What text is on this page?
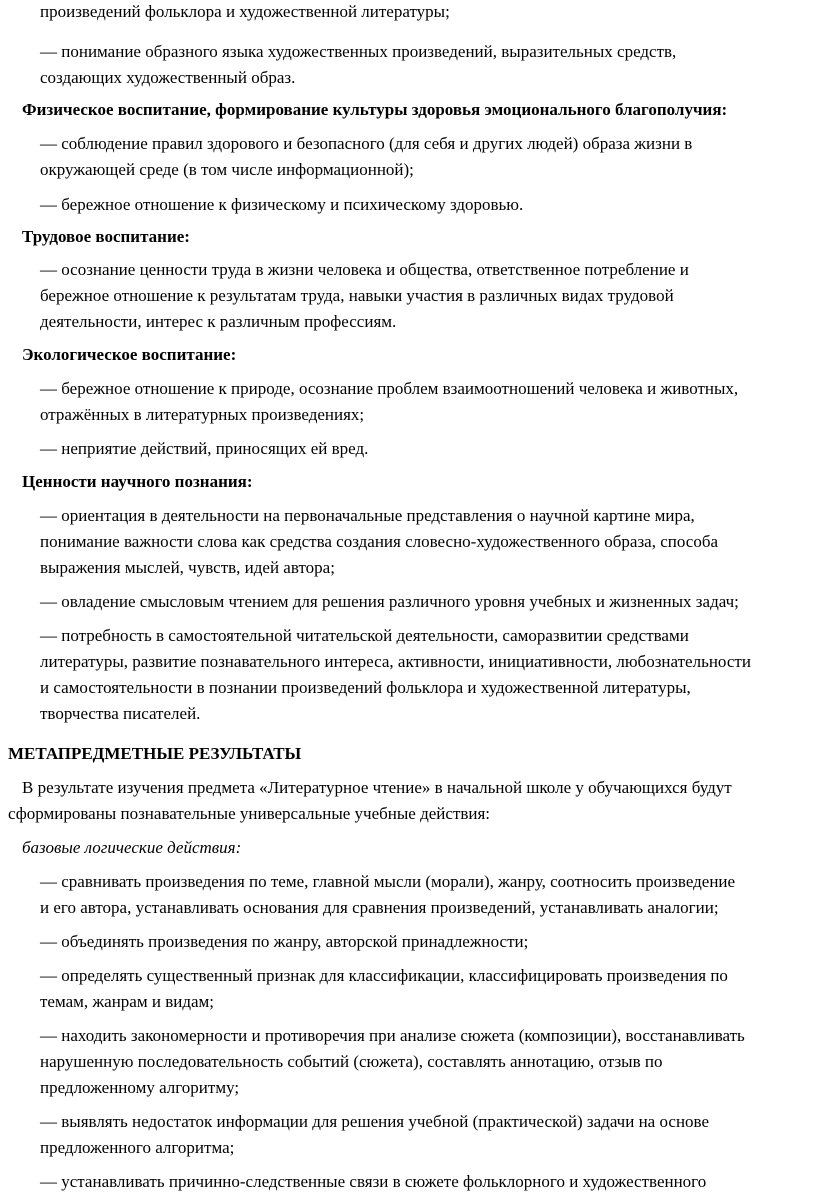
произведений фольклора и художественной литературы;
— понимание образного языка художественных произведений, выразительных средств,
создающих художественный образ.
Физическое воспитание, формирование культуры здоровья эмоционального благополучия:
— соблюдение правил здорового и безопасного (для себя и других людей) образа жизни в
окружающей среде (в том числе информационной);
— бережное отношение к физическому и психическому здоровью.
Трудовое воспитание:
— осознание ценности труда в жизни человека и общества, ответственное потребление и
бережное отношение к результатам труда, навыки участия в различных видах трудовой
деятельности, интерес к различным профессиям.
Экологическое воспитание:
— бережное отношение к природе, осознание проблем взаимоотношений человека и животных,
отражённых в литературных произведениях;
— неприятие действий, приносящих ей вред.
Ценности научного познания:
— ориентация в деятельности на первоначальные представления о научной картине мира,
понимание важности слова как средства создания словесно-художественного образа, способа
выражения мыслей, чувств, идей автора;
— овладение смысловым чтением для решения различного уровня учебных и жизненных задач;
— потребность в самостоятельной читательской деятельности, саморазвитии средствами
литературы, развитие познавательного интереса, активности, инициативности, любознательности
и самостоятельности в познании произведений фольклора и художественной литературы,
творчества писателей.
МЕТАПРЕДМЕТНЫЕ РЕЗУЛЬТАТЫ
В результате изучения предмета «Литературное чтение» в начальной школе у обучающихся будут
сформированы познавательные универсальные учебные действия:
базовые логические действия:
— сравнивать произведения по теме, главной мысли (морали), жанру, соотносить произведение
и его автора, устанавливать основания для сравнения произведений, устанавливать аналогии;
— объединять произведения по жанру, авторской принадлежности;
— определять существенный признак для классификации, классифицировать произведения по
темам, жанрам и видам;
— находить закономерности и противоречия при анализе сюжета (композиции), восстанавливать
нарушенную последовательность событий (сюжета), составлять аннотацию, отзыв по
предложенному алгоритму;
— выявлять недостаток информации для решения учебной (практической) задачи на основе
предложенного алгоритма;
— устанавливать причинно-следственные связи в сюжете фольклорного и художественного
